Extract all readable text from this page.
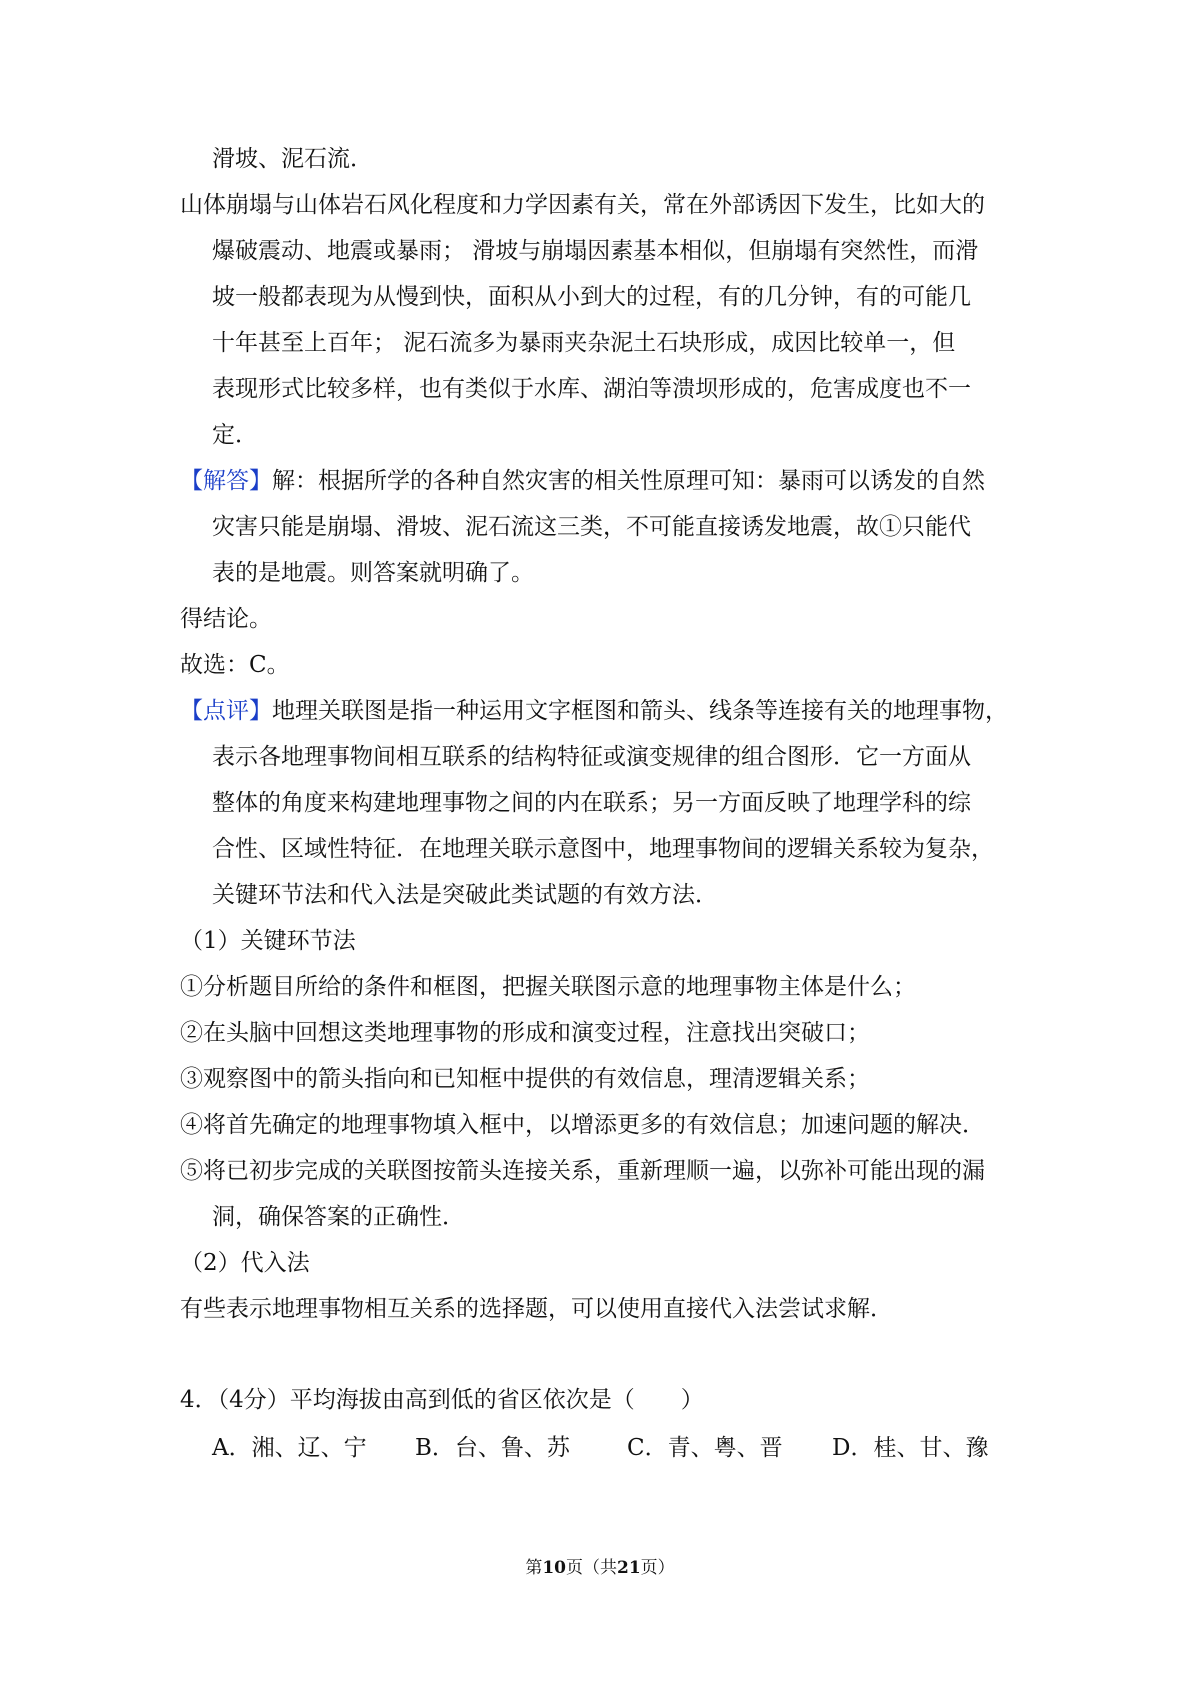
滑坡、泥石流．
山体崩塌与山体岩石风化程度和力学因素有关，常在外部诱因下发生，比如大的
爆破震动、地震或暴雨； 滑坡与崩塌因素基本相似，但崩塌有突然性，而滑
坡一般都表现为从慢到快，面积从小到大的过程，有的几分钟，有的可能几
十年甚至上百年； 泥石流多为暴雨夹杂泥土石块形成，成因比较单一，但
表现形式比较多样，也有类似于水库、湖泊等溃坝形成的，危害成度也不一
定．
【解答】解：根据所学的各种自然灾害的相关性原理可知：暴雨可以诱发的自然
灾害只能是崩塌、滑坡、泥石流这三类，不可能直接诱发地震，故①只能代
表的是地震。则答案就明确了。
得结论。
故选：C。
【点评】地理关联图是指一种运用文字框图和箭头、线条等连接有关的地理事物，
表示各地理事物间相互联系的结构特征或演变规律的组合图形．它一方面从
整体的角度来构建地理事物之间的内在联系；另一方面反映了地理学科的综
合性、区域性特征．在地理关联示意图中，地理事物间的逻辑关系较为复杂，
关键环节法和代入法是突破此类试题的有效方法．
（1）关键环节法
①分析题目所给的条件和框图，把握关联图示意的地理事物主体是什么；
②在头脑中回想这类地理事物的形成和演变过程，注意找出突破口；
③观察图中的箭头指向和已知框中提供的有效信息，理清逻辑关系；
④将首先确定的地理事物填入框中，以增添更多的有效信息；加速问题的解决．
⑤将已初步完成的关联图按箭头连接关系，重新理顺一遍，以弥补可能出现的漏
洞，确保答案的正确性．
（2）代入法
有些表示地理事物相互关系的选择题，可以使用直接代入法尝试求解．
4．（4分）平均海拔由高到低的省区依次是（　　）
A．湘、辽、宁 B．台、鲁、苏 C．青、粤、晋 D．桂、甘、豫
第10页（共21页）
